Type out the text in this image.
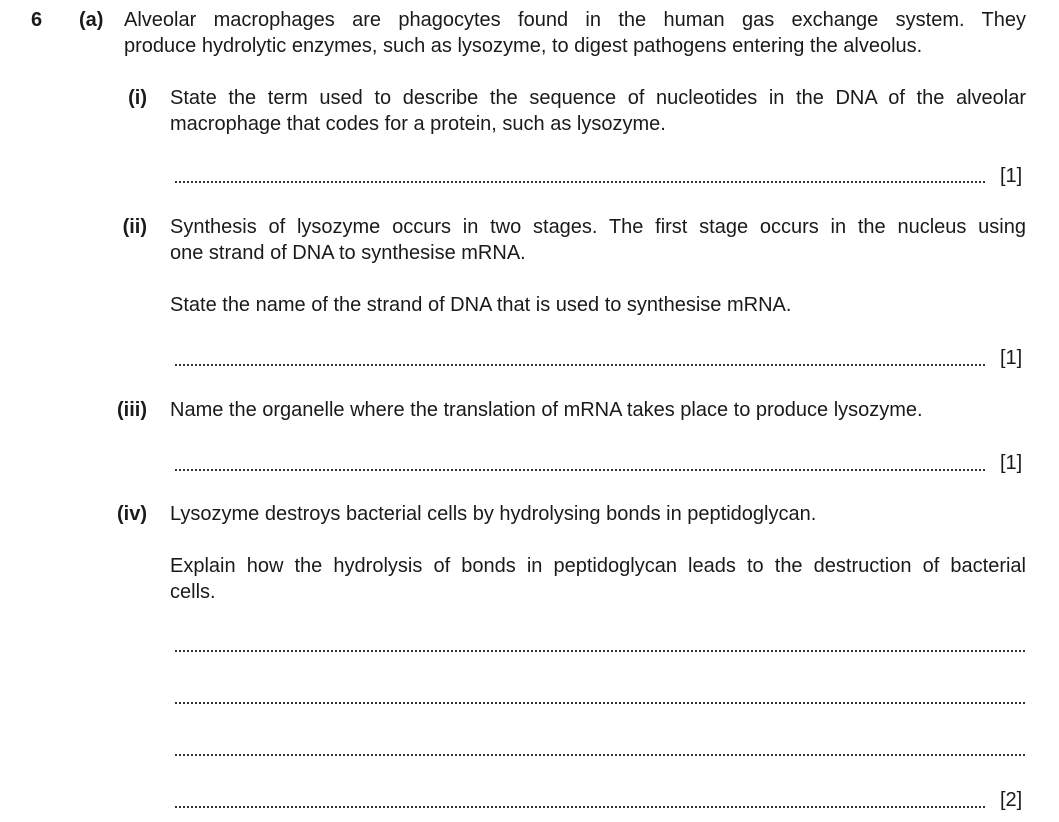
6 (a) Alveolar macrophages are phagocytes found in the human gas exchange system. They
produce hydrolytic enzymes, such as lysozyme, to digest pathogens entering the alveolus.
(i) State the term used to describe the sequence of nucleotides in the DNA of the alveolar
macrophage that codes for a protein, such as lysozyme.
[1]
(ii) Synthesis of lysozyme occurs in two stages. The first stage occurs in the nucleus using
one strand of DNA to synthesise mRNA.
State the name of the strand of DNA that is used to synthesise mRNA.
[1]
(iii) Name the organelle where the translation of mRNA takes place to produce lysozyme.
[1]
(iv) Lysozyme destroys bacterial cells by hydrolysing bonds in peptidoglycan.
Explain how the hydrolysis of bonds in peptidoglycan leads to the destruction of bacterial
cells.
[2]
